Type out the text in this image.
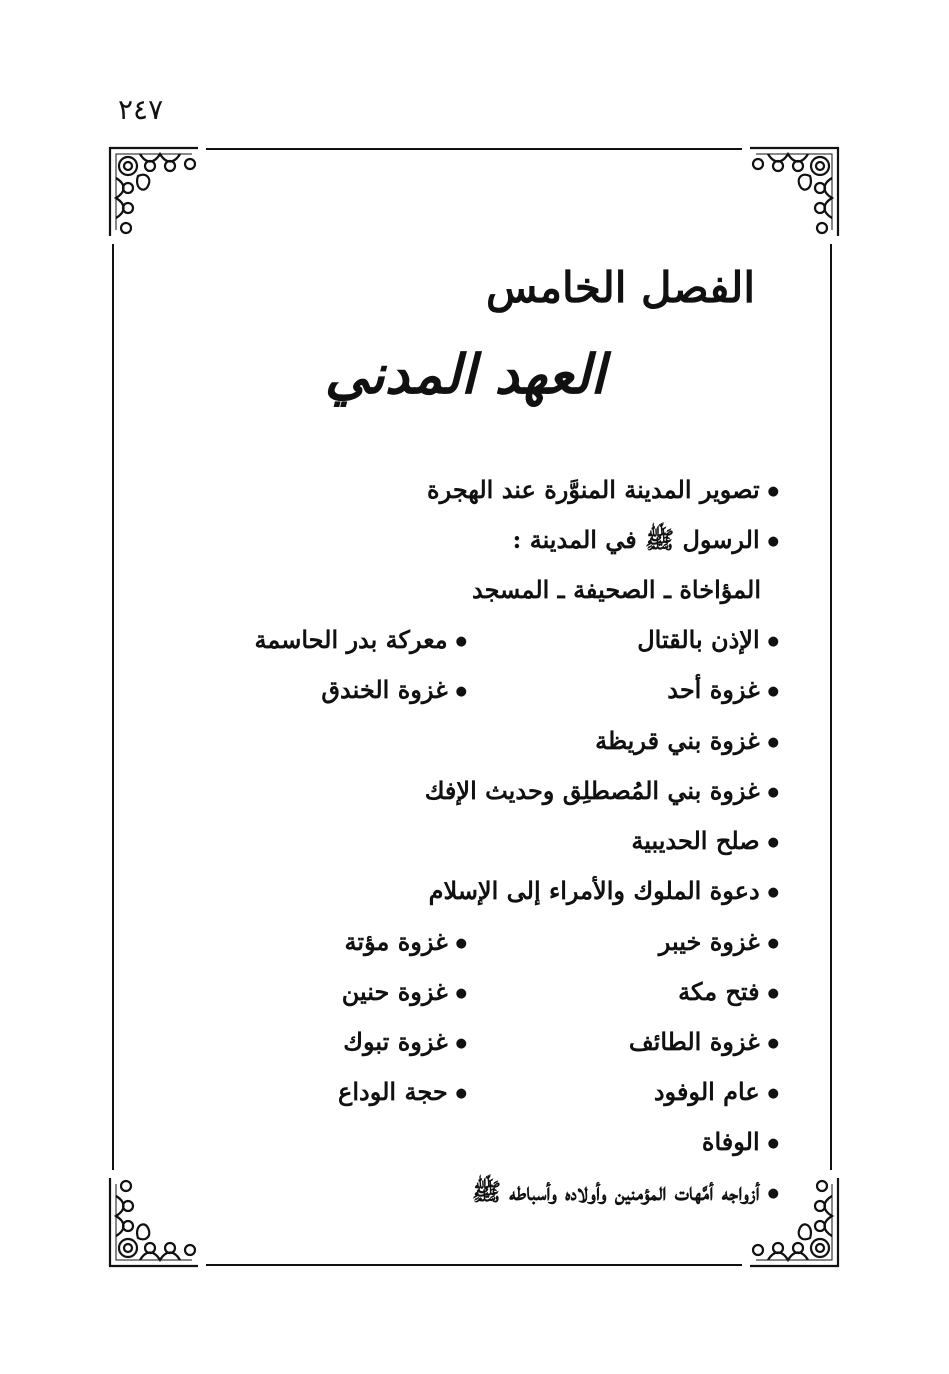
٢٤٧
الفصل الخامس
العهد المدني
● تصوير المدينة المنوَّرة عند الهجرة
● الرسول ﷺ في المدينة :
المؤاخاة ـ الصحيفة ـ المسجد
● الإذن بالقتال
● معركة بدر الحاسمة
● غزوة أحد
● غزوة الخندق
● غزوة بني قريظة
● غزوة بني المُصطلِق وحديث الإفك
● صلح الحديبية
● دعوة الملوك والأمراء إلى الإسلام
● غزوة خيبر
● غزوة مؤتة
● فتح مكة
● غزوة حنين
● غزوة الطائف
● غزوة تبوك
● عام الوفود
● حجة الوداع
● الوفاة
● أزواجه أمَّهات المؤمنين وأولاده وأسباطه ﷺ
